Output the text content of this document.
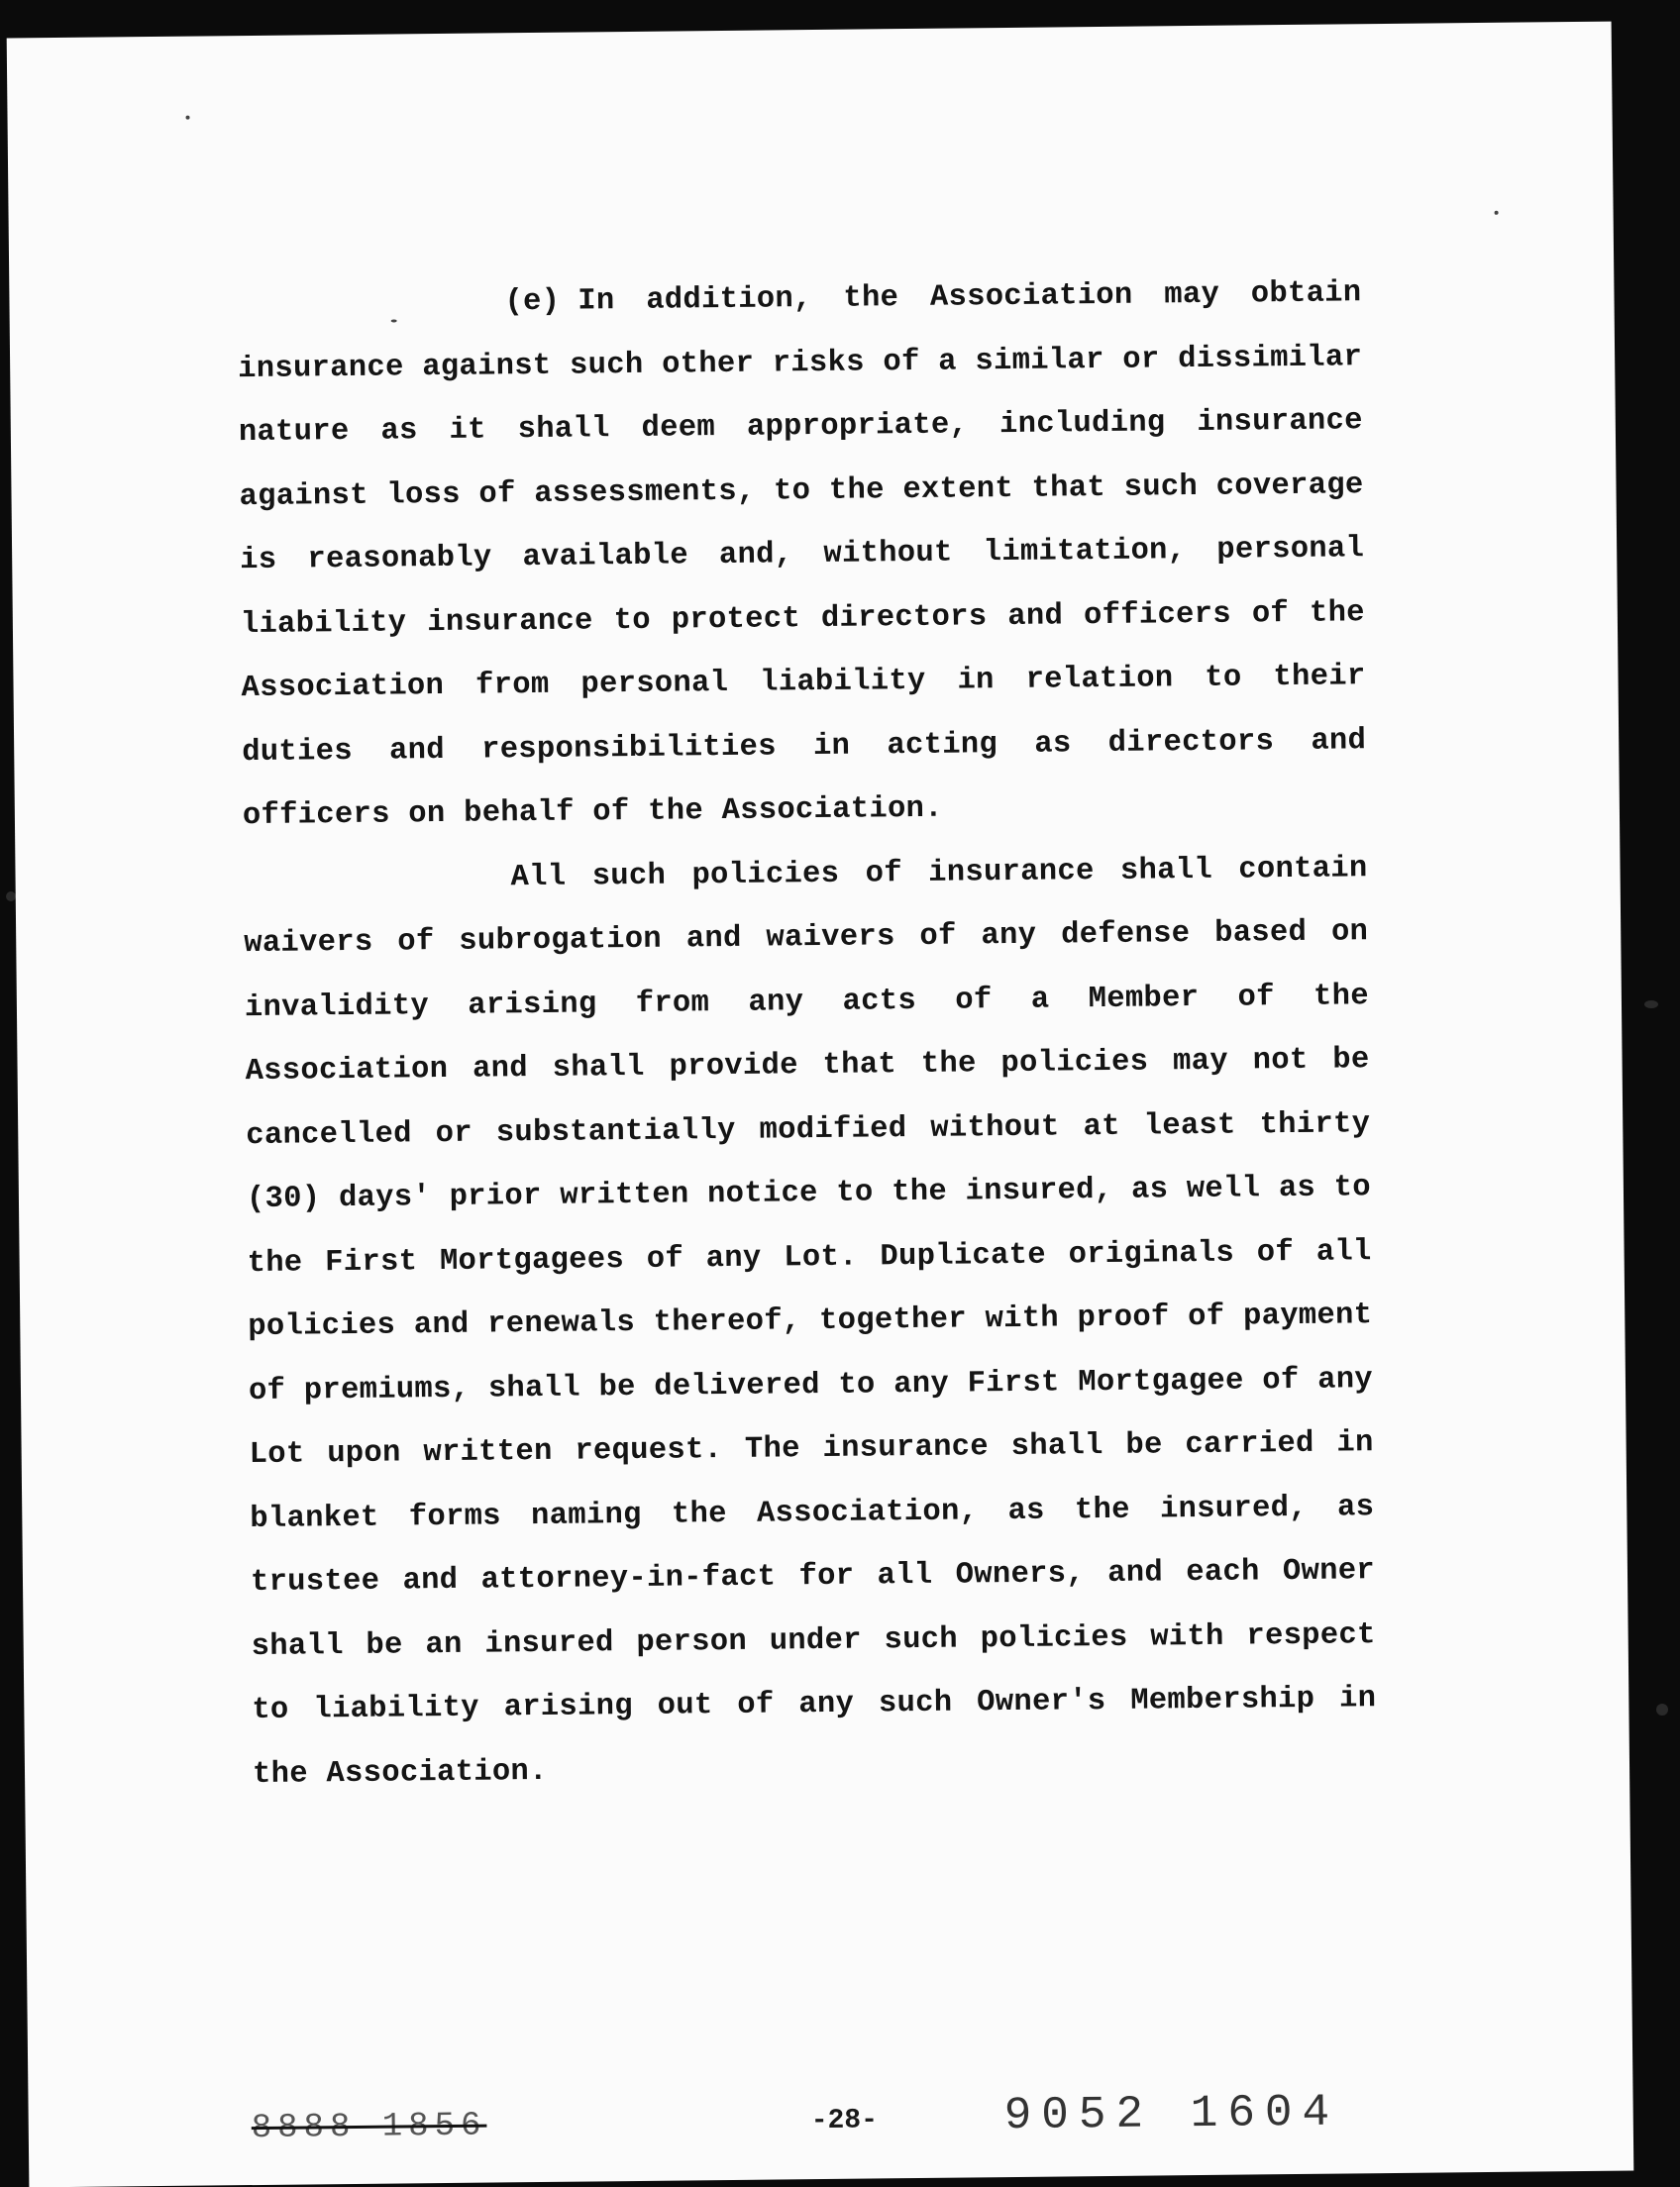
(e) In addition, the Association may obtain insurance against such other risks of a similar or dissimilar nature as it shall deem appropriate, including insurance against loss of assessments, to the extent that such coverage is reasonably available and, without limitation, personal liability insurance to protect directors and officers of the Association from personal liability in relation to their duties and responsibilities in acting as directors and officers on behalf of the Association.

All such policies of insurance shall contain waivers of subrogation and waivers of any defense based on invalidity arising from any acts of a Member of the Association and shall provide that the policies may not be cancelled or substantially modified without at least thirty (30) days' prior written notice to the insured, as well as to the First Mortgagees of any Lot. Duplicate originals of all policies and renewals thereof, together with proof of payment of premiums, shall be delivered to any First Mortgagee of any Lot upon written request. The insurance shall be carried in blanket forms naming the Association, as the insured, as trustee and attorney-in-fact for all Owners, and each Owner shall be an insured person under such policies with respect to liability arising out of any such Owner's Membership in the Association.

8888 1856	-28-	9052 1604
